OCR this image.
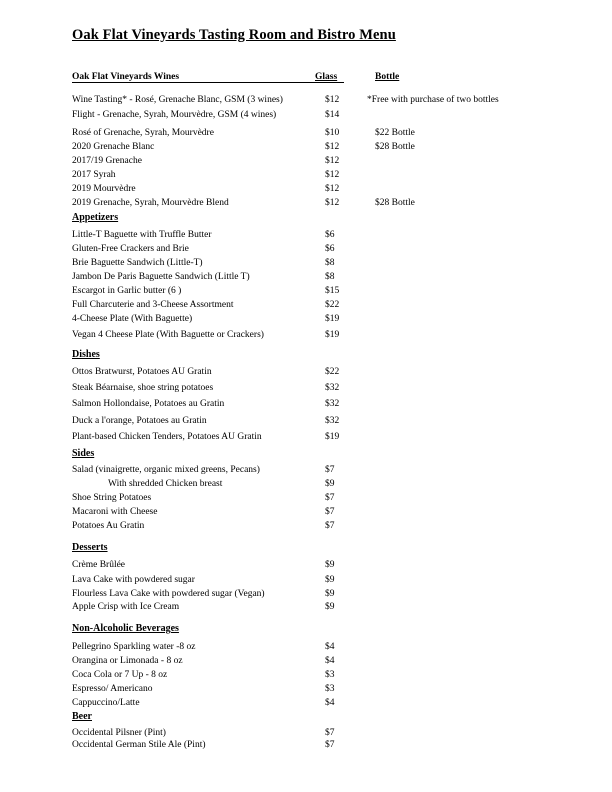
Oak Flat Vineyards Tasting Room and Bistro Menu
Oak Flat Vineyards Wines	Glass	Bottle
Wine Tasting* - Rosé, Grenache Blanc, GSM (3 wines)	$12	*Free with purchase of two bottles
Flight - Grenache, Syrah, Mourvèdre, GSM (4 wines)	$14
Rosé of Grenache, Syrah, Mourvèdre	$10	$22 Bottle
2020 Grenache Blanc	$12	$28 Bottle
2017/19 Grenache	$12
2017 Syrah	$12
2019 Mourvèdre	$12
2019 Grenache, Syrah, Mourvèdre Blend	$12	$28 Bottle
Appetizers
Little-T Baguette with Truffle Butter	$6
Gluten-Free Crackers and Brie	$6
Brie Baguette Sandwich (Little-T)	$8
Jambon De Paris Baguette Sandwich (Little T)	$8
Escargot in Garlic butter (6 )	$15
Full Charcuterie and 3-Cheese Assortment	$22
4-Cheese Plate (With Baguette)	$19
Vegan 4 Cheese Plate (With Baguette or Crackers)	$19
Dishes
Ottos Bratwurst, Potatoes AU Gratin	$22
Steak Béarnaise, shoe string potatoes	$32
Salmon Hollondaise, Potatoes au Gratin	$32
Duck a l'orange, Potatoes au Gratin	$32
Plant-based Chicken Tenders, Potatoes AU Gratin	$19
Sides
Salad (vinaigrette, organic mixed greens, Pecans)	$7
With shredded Chicken breast	$9
Shoe String Potatoes	$7
Macaroni with Cheese	$7
Potatoes Au Gratin	$7
Desserts
Crème Brûlée	$9
Lava Cake with powdered sugar	$9
Flourless Lava Cake with powdered sugar (Vegan)	$9
Apple Crisp with Ice Cream	$9
Non-Alcoholic Beverages
Pellegrino Sparkling water -8 oz	$4
Orangina or Limonada - 8 oz	$4
Coca Cola or 7 Up - 8 oz	$3
Espresso/ Americano	$3
Cappuccino/Latte	$4
Beer
Occidental Pilsner (Pint)	$7
Occidental German Stile Ale (Pint)	$7
